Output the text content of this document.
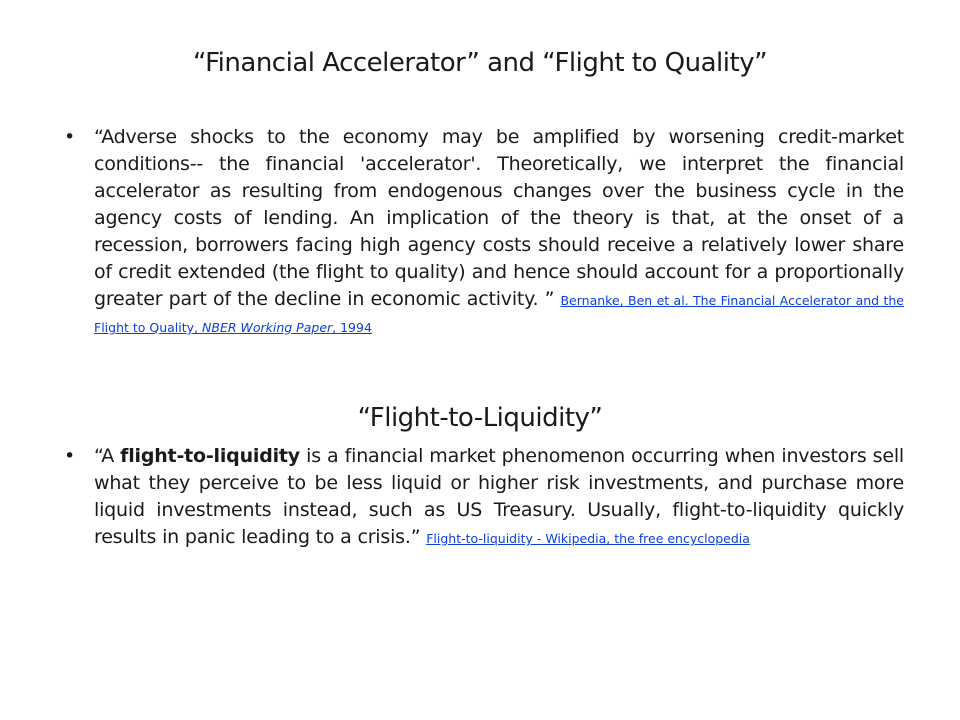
“Financial Accelerator” and “Flight to Quality”
• “Adverse shocks to the economy may be amplified by worsening credit-market conditions-- the financial 'accelerator'. Theoretically, we interpret the financial accelerator as resulting from endogenous changes over the business cycle in the agency costs of lending. An implication of the theory is that, at the onset of a recession, borrowers facing high agency costs should receive a relatively lower share of credit extended (the flight to quality) and hence should account for a proportionally greater part of the decline in economic activity. ” Bernanke, Ben et al. The Financial Accelerator and the Flight to Quality, NBER Working Paper, 1994
“Flight-to-Liquidity”
• “A flight-to-liquidity is a financial market phenomenon occurring when investors sell what they perceive to be less liquid or higher risk investments, and purchase more liquid investments instead, such as US Treasury. Usually, flight-to-liquidity quickly results in panic leading to a crisis.” Flight-to-liquidity - Wikipedia, the free encyclopedia
